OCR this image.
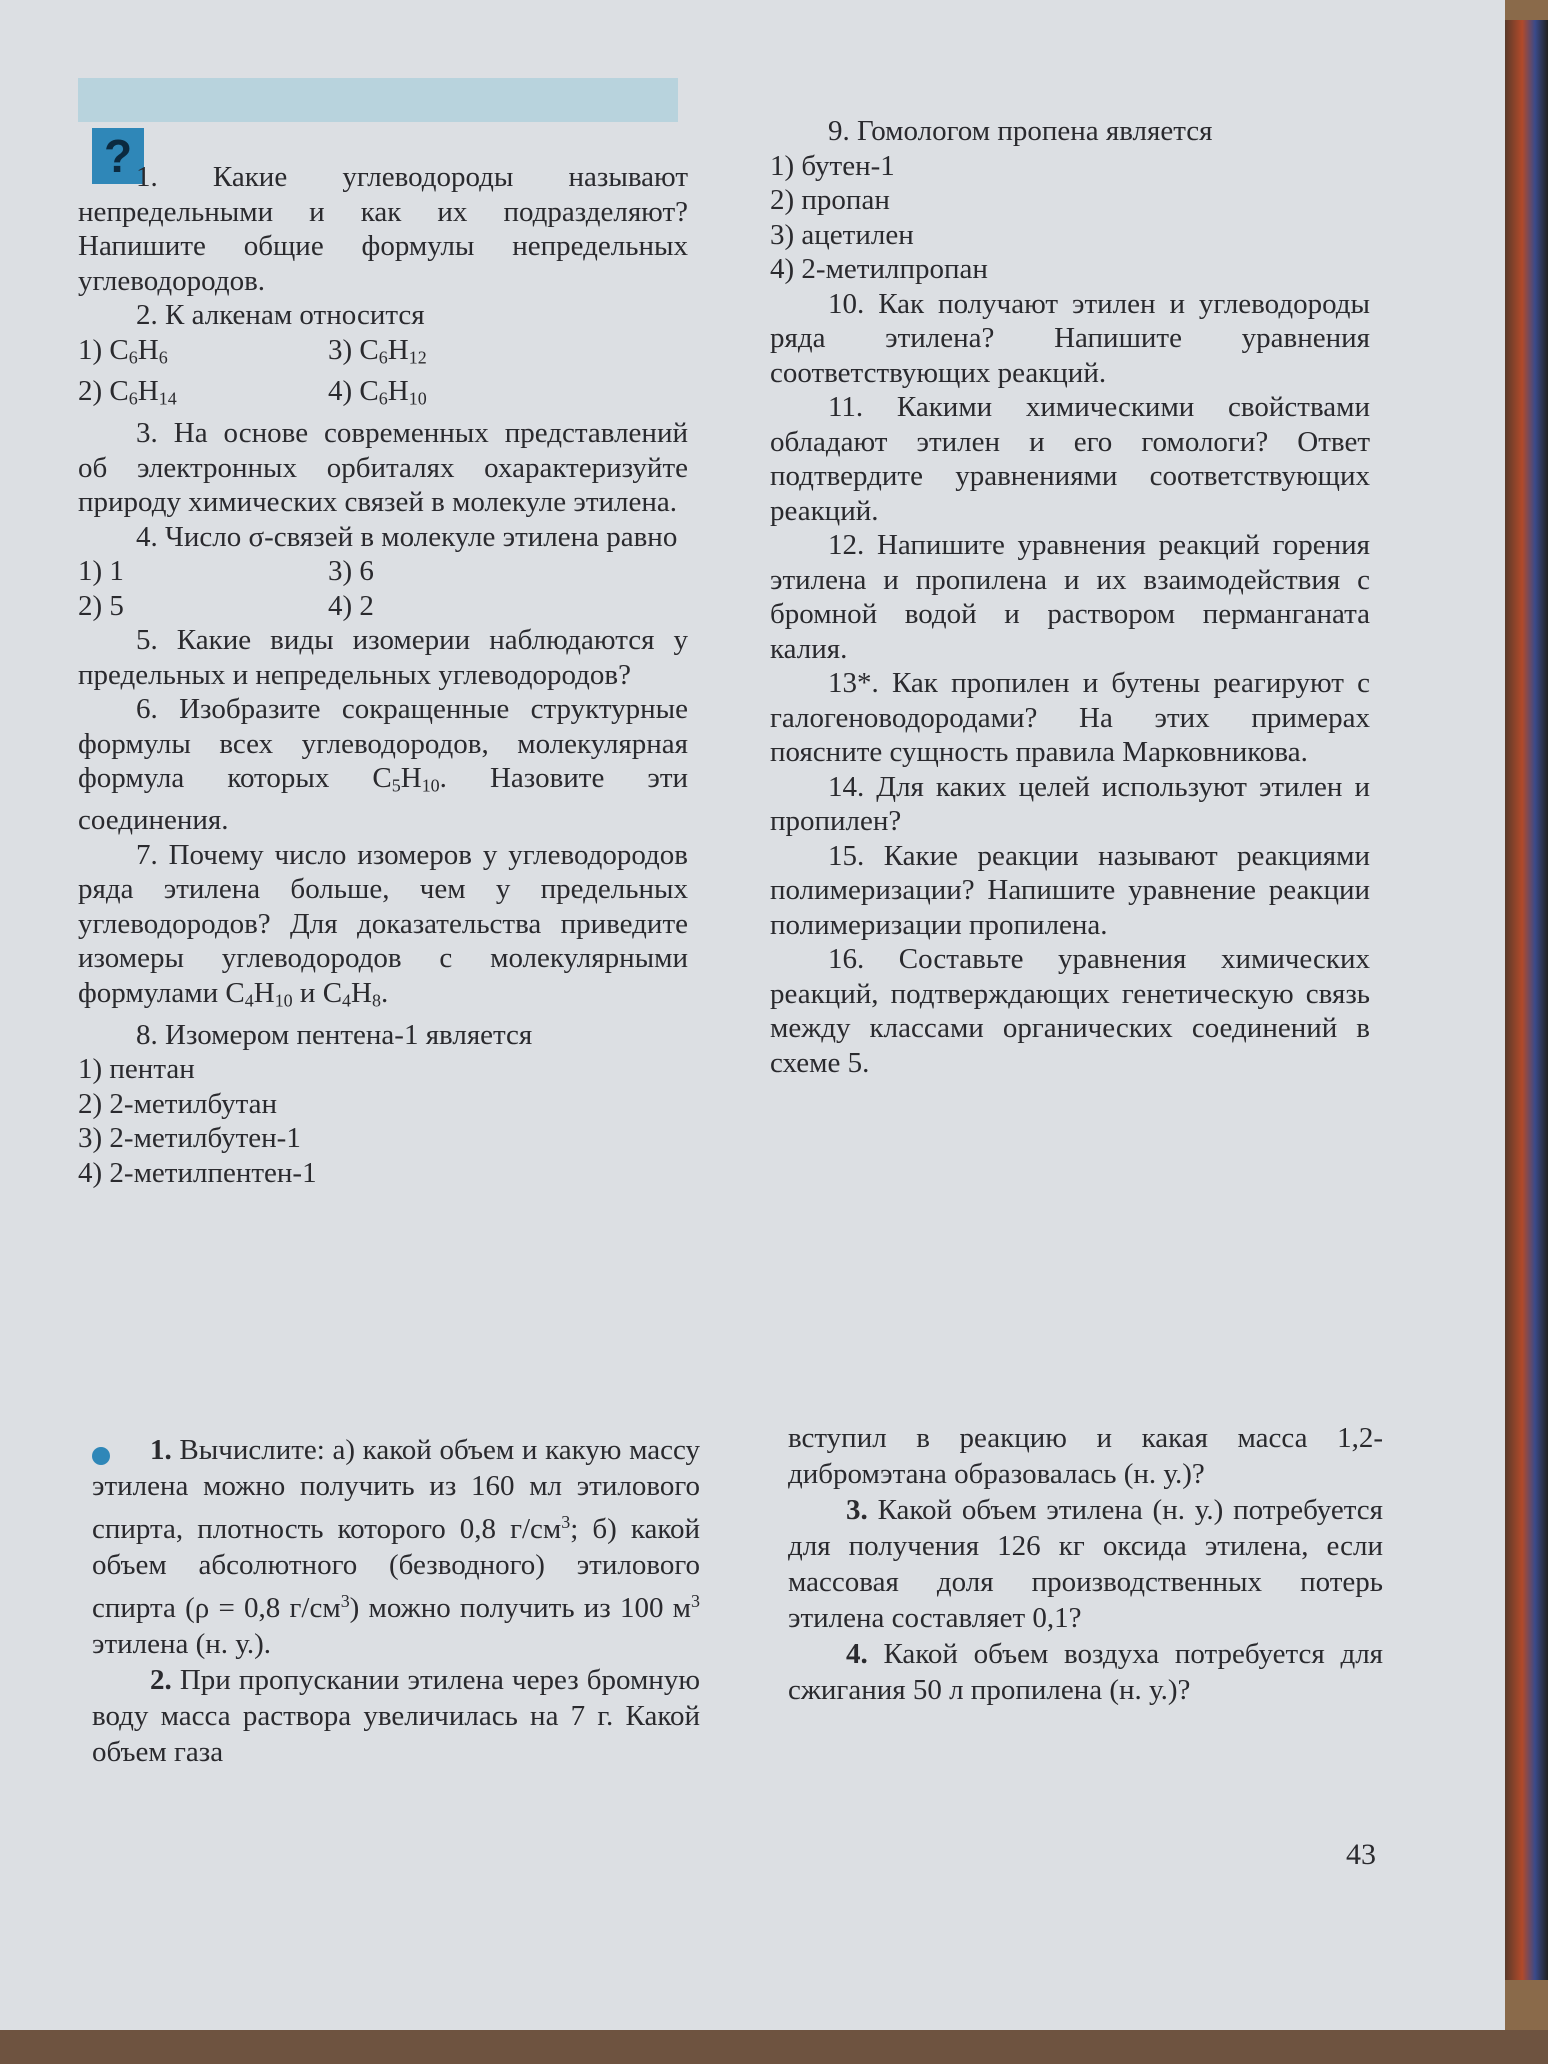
? 1. Какие углеводороды называют непредельными и как их подразделяют? Напишите общие формулы непредельных углеводородов.

2. К алкенам относится

1) $C_6H_6$	3) $C_6H_{12}$
2) $C_6H_{14}$	4) $C_6H_{10}$

3. На основе современных представлений об электронных орбиталях охарактеризуйте природу химических связей в молекуле этилена.

4. Число σ-связей в молекуле этилена равно

1) 1	3) 6
2) 5	4) 2

5. Какие виды изомерии наблюдаются у предельных и непредельных углеводородов?

6. Изобразите сокращенные структурные формулы всех углеводородов, молекулярная формула которых $C_5H_{10}$. Назовите эти соединения.

7. Почему число изомеров у углеводородов ряда этилена больше, чем у предельных углеводородов? Для доказательства приведите изомеры углеводородов с молекулярными формулами $C_4H_{10}$ и $C_4H_8$.

8. Изомером пентена-1 является

1) пентан

2) 2-метилбутан

3) 2-метилбутен-1

4) 2-метилпентен-1

9. Гомологом пропена является

1) бутен-1

2) пропан

3) ацетилен

4) 2-метилпропан

10. Как получают этилен и углеводороды ряда этилена? Напишите уравнения соответствующих реакций.

11. Какими химическими свойствами обладают этилен и его гомологи? Ответ подтвердите уравнениями соответствующих реакций.

12. Напишите уравнения реакций горения этилена и пропилена и их взаимодействия с бромной водой и раствором перманганата калия.

13*. Как пропилен и бутены реагируют с галогеноводородами? На этих примерах поясните сущность правила Марковникова.

14. Для каких целей используют этилен и пропилен?

15. Какие реакции называют реакциями полимеризации? Напишите уравнение реакции полимеризации пропилена.

16. Составьте уравнения химических реакций, подтверждающих генетическую связь между классами органических соединений в схеме 5.

1. Вычислите: а) какой объем и какую массу этилена можно получить из 160 мл этилового спирта, плотность которого 0,8 $г/см^3$; б) какой объем абсолютного (безводного) этилового спирта (ρ = 0,8 $г/см^3$) можно получить из 100 $м^3$ этилена (н. у.).

2. При пропускании этилена через бромную воду масса раствора увеличилась на 7 г. Какой объем газа

вступил в реакцию и какая масса 1,2-дибромэтана образовалась (н. у.)?

3. Какой объем этилена (н. у.) потребуется для получения 126 кг оксида этилена, если массовая доля производственных потерь этилена составляет 0,1?

4. Какой объем воздуха потребуется для сжигания 50 л пропилена (н. у.)?

43
